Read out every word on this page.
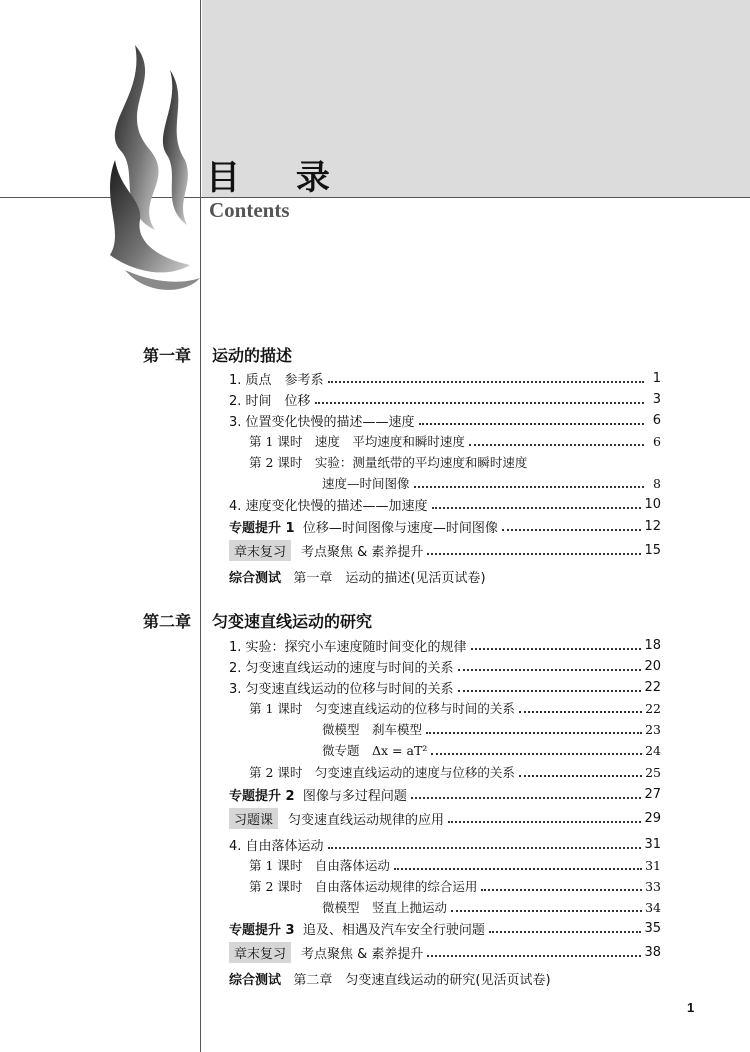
目 录
Contents
第一章 运动的描述
1. 质点　参考系	1
2. 时间　位移	3
3. 位置变化快慢的描述——速度	6
第 1 课时　速度　平均速度和瞬时速度	6
第 2 课时　实验：测量纸带的平均速度和瞬时速度
速度—时间图像	8
4. 速度变化快慢的描述——加速度	10
专题提升 1 位移—时间图像与速度—时间图像	12
章末复习 考点聚焦 & 素养提升	15
综合测试 第一章　运动的描述(见活页试卷)
第二章 匀变速直线运动的研究
1. 实验：探究小车速度随时间变化的规律	18
2. 匀变速直线运动的速度与时间的关系	20
3. 匀变速直线运动的位移与时间的关系	22
第 1 课时　匀变速直线运动的位移与时间的关系	22
微模型　刹车模型	23
微专题　Δx = aT²	24
第 2 课时　匀变速直线运动的速度与位移的关系	25
专题提升 2 图像与多过程问题	27
习题课 匀变速直线运动规律的应用	29
4. 自由落体运动	31
第 1 课时　自由落体运动	31
第 2 课时　自由落体运动规律的综合运用	33
微模型　竖直上抛运动	34
专题提升 3 追及、相遇及汽车安全行驶问题	35
章末复习 考点聚焦 & 素养提升	38
综合测试 第二章　匀变速直线运动的研究(见活页试卷)
1
